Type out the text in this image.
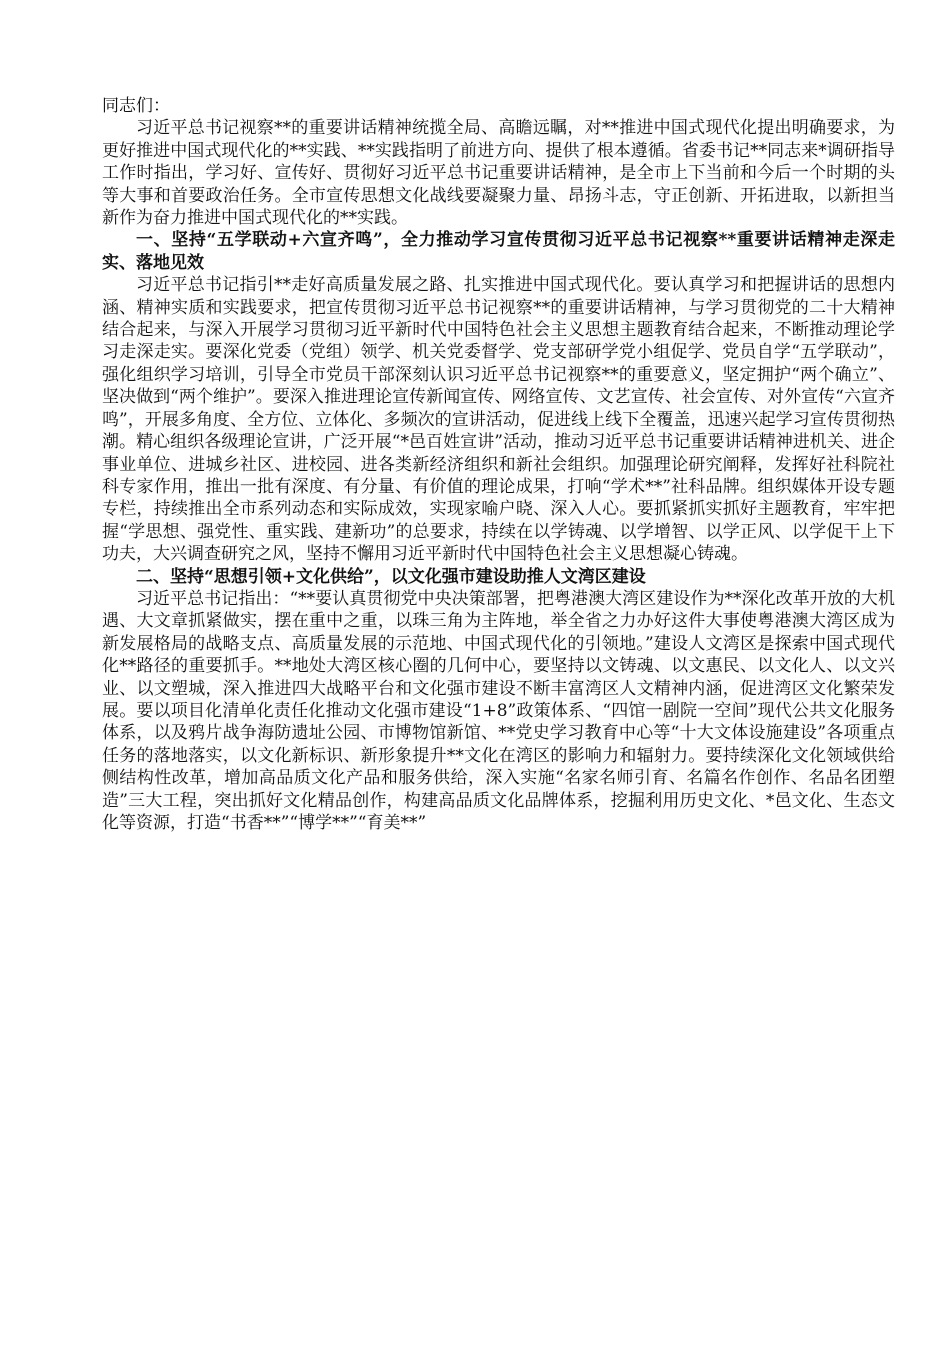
同志们：

习近平总书记视察**的重要讲话精神统揽全局、高瞻远瞩，对**推进中国式现代化提出明确要求，为更好推进中国式现代化的**实践、**实践指明了前进方向、提供了根本遵循。省委书记**同志来*调研指导工作时指出，学习好、宣传好、贯彻好习近平总书记重要讲话精神，是全市上下当前和今后一个时期的头等大事和首要政治任务。全市宣传思想文化战线要凝聚力量、昂扬斗志，守正创新、开拓进取，以新担当新作为奋力推进中国式现代化的**实践。

一、坚持“五学联动+六宣齐鸣”，全力推动学习宣传贯彻习近平总书记视察**重要讲话精神走深走实、落地见效

习近平总书记指引**走好高质量发展之路、扎实推进中国式现代化。要认真学习和把握讲话的思想内涵、精神实质和实践要求，把宣传贯彻习近平总书记视察**的重要讲话精神，与学习贯彻党的二十大精神结合起来，与深入开展学习贯彻习近平新时代中国特色社会主义思想主题教育结合起来，不断推动理论学习走深走实。要深化党委（党组）领学、机关党委督学、党支部研学党小组促学、党员自学“五学联动”，强化组织学习培训，引导全市党员干部深刻认识习近平总书记视察**的重要意义，坚定拥护“两个确立”、坚决做到“两个维护”。要深入推进理论宣传新闻宣传、网络宣传、文艺宣传、社会宣传、对外宣传“六宣齐鸣”，开展多角度、全方位、立体化、多频次的宣讲活动，促进线上线下全覆盖，迅速兴起学习宣传贯彻热潮。精心组织各级理论宣讲，广泛开展“*邑百姓宣讲”活动，推动习近平总书记重要讲话精神进机关、进企事业单位、进城乡社区、进校园、进各类新经济组织和新社会组织。加强理论研究阐释，发挥好社科院社科专家作用，推出一批有深度、有分量、有价值的理论成果，打响“学术**”社科品牌。组织媒体开设专题专栏，持续推出全市系列动态和实际成效，实现家喻户晓、深入人心。要抓紧抓实抓好主题教育，牢牢把握“学思想、强党性、重实践、建新功”的总要求，持续在以学铸魂、以学增智、以学正风、以学促干上下功夫，大兴调查研究之风，坚持不懈用习近平新时代中国特色社会主义思想凝心铸魂。

二、坚持“思想引领+文化供给”，以文化强市建设助推人文湾区建设

习近平总书记指出：“**要认真贯彻党中央决策部署，把粤港澳大湾区建设作为**深化改革开放的大机遇、大文章抓紧做实，摆在重中之重，以珠三角为主阵地，举全省之力办好这件大事使粤港澳大湾区成为新发展格局的战略支点、高质量发展的示范地、中国式现代化的引领地。”建设人文湾区是探索中国式现代化**路径的重要抓手。**地处大湾区核心圈的几何中心，要坚持以文铸魂、以文惠民、以文化人、以文兴业、以文塑城，深入推进四大战略平台和文化强市建设不断丰富湾区人文精神内涵，促进湾区文化繁荣发展。要以项目化清单化责任化推动文化强市建设“1+8”政策体系、“四馆一剧院一空间”现代公共文化服务体系，以及鸦片战争海防遗址公园、市博物馆新馆、**党史学习教育中心等“十大文体设施建设”各项重点任务的落地落实，以文化新标识、新形象提升**文化在湾区的影响力和辐射力。要持续深化文化领域供给侧结构性改革，增加高品质文化产品和服务供给，深入实施“名家名师引育、名篇名作创作、名品名团塑造”三大工程，突出抓好文化精品创作，构建高品质文化品牌体系，挖掘利用历史文化、*邑文化、生态文化等资源，打造“书香**”“博学**”“育美**”
